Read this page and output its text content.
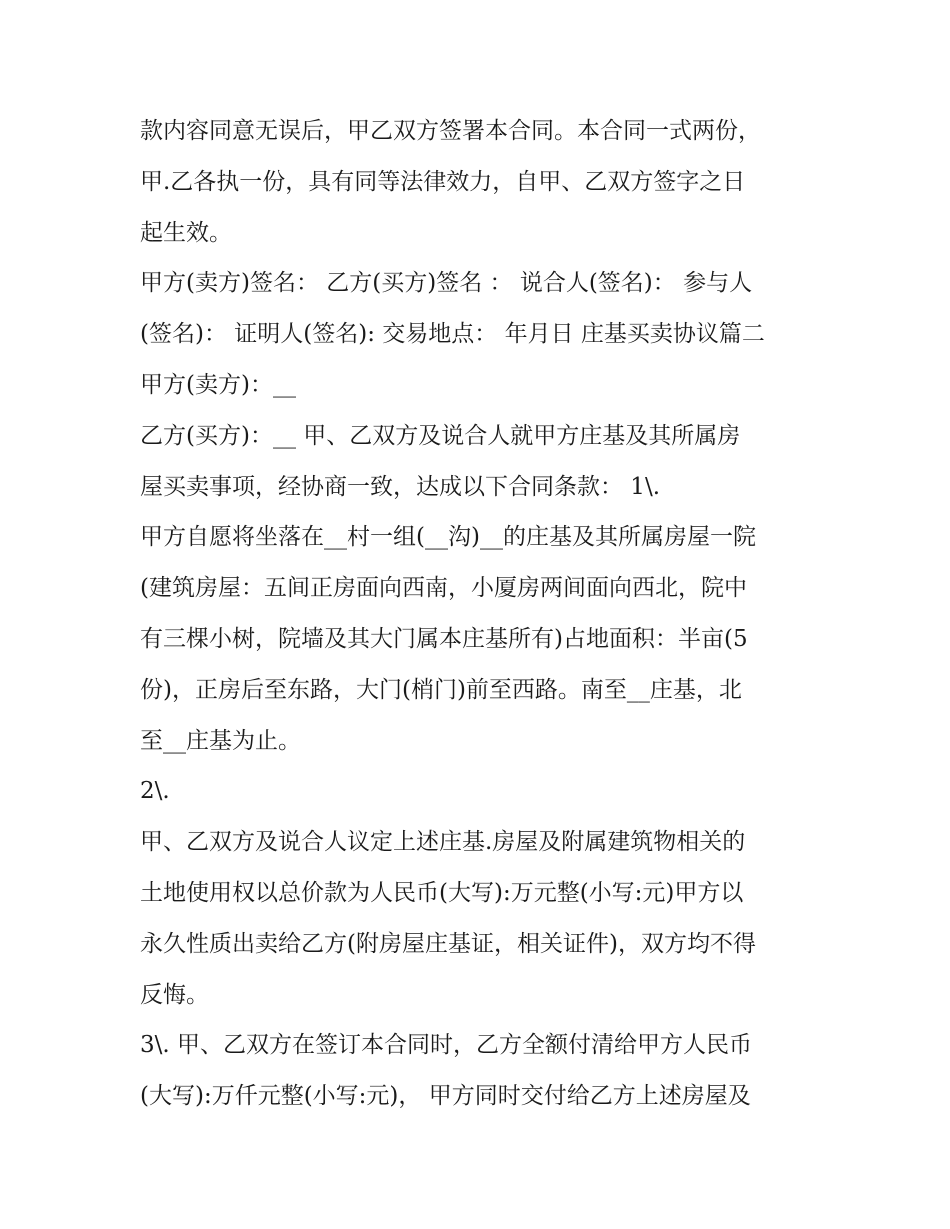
款内容同意无误后，甲乙双方签署本合同。本合同一式两份，
甲.乙各执一份，具有同等法律效力，自甲、乙双方签字之日
起生效。
甲方(卖方)签名： 乙方(买方)签名 ： 说合人(签名)： 参与人
(签名)： 证明人(签名): 交易地点： 年月日 庄基买卖协议篇二
甲方(卖方)：__
乙方(买方)：__ 甲、乙双方及说合人就甲方庄基及其所属房
屋买卖事项，经协商一致，达成以下合同条款： 1\.
甲方自愿将坐落在__村一组(__沟)__的庄基及其所属房屋一院
(建筑房屋：五间正房面向西南，小厦房两间面向西北，院中
有三棵小树，院墙及其大门属本庄基所有)占地面积：半亩(5
份)，正房后至东路，大门(梢门)前至西路。南至__庄基，北
至__庄基为止。
2\.
甲、乙双方及说合人议定上述庄基.房屋及附属建筑物相关的
土地使用权以总价款为人民币(大写):万元整(小写:元)甲方以
永久性质出卖给乙方(附房屋庄基证，相关证件)，双方均不得
反悔。
3\. 甲、乙双方在签订本合同时，乙方全额付清给甲方人民币
(大写):万仟元整(小写:元)， 甲方同时交付给乙方上述房屋及
